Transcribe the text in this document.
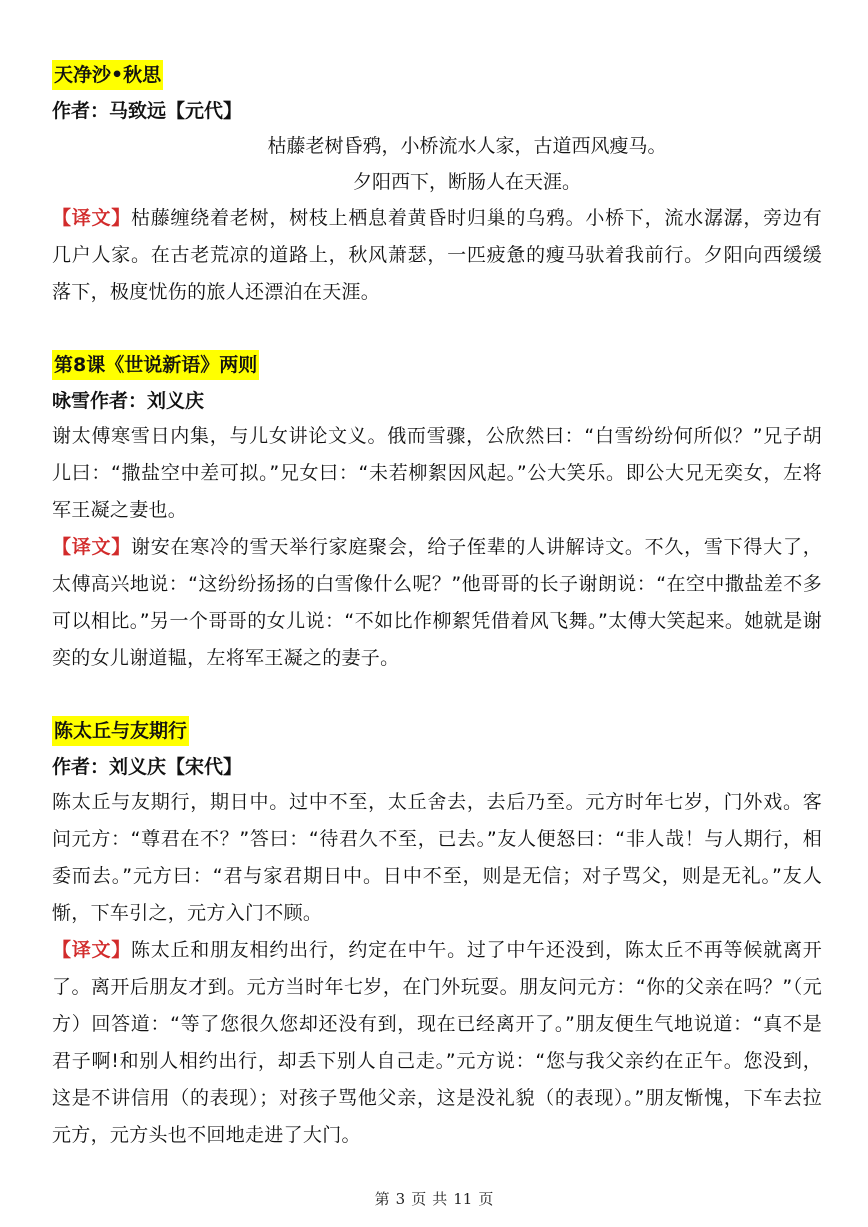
天净沙•秋思
作者：马致远【元代】
枯藤老树昏鸦，小桥流水人家，古道西风瘦马。
夕阳西下，断肠人在天涯。
【译文】枯藤缠绕着老树，树枝上栖息着黄昏时归巢的乌鸦。小桥下，流水潺潺，旁边有几户人家。在古老荒凉的道路上，秋风萧瑟，一匹疲惫的瘦马驮着我前行。夕阳向西缓缓落下，极度忧伤的旅人还漂泊在天涯。
第8课《世说新语》两则
咏雪作者：刘义庆
谢太傅寒雪日内集，与儿女讲论文义。俄而雪骤，公欣然曰：“白雪纷纷何所似？”兄子胡儿曰：“撒盐空中差可拟。”兄女曰：“未若柳絮因风起。”公大笑乐。即公大兄无奕女，左将军王凝之妻也。
【译文】谢安在寒冷的雪天举行家庭聚会，给子侄辈的人讲解诗文。不久，雪下得大了，太傅高兴地说：“这纷纷扬扬的白雪像什么呢？”他哥哥的长子谢朗说：“在空中撒盐差不多可以相比。”另一个哥哥的女儿说：“不如比作柳絮凭借着风飞舞。”太傅大笑起来。她就是谢奕的女儿谢道韫，左将军王凝之的妻子。
陈太丘与友期行
作者：刘义庆【宋代】
陈太丘与友期行，期日中。过中不至，太丘舍去，去后乃至。元方时年七岁，门外戏。客问元方：“尊君在不？”答曰：“待君久不至，已去。”友人便怒曰：“非人哉！与人期行，相委而去。”元方曰：“君与家君期日中。日中不至，则是无信；对子骂父，则是无礼。”友人惭，下车引之，元方入门不顾。
【译文】陈太丘和朋友相约出行，约定在中午。过了中午还没到，陈太丘不再等候就离开了。离开后朋友才到。元方当时年七岁，在门外玩耍。朋友问元方：“你的父亲在吗？”（元方）回答道：“等了您很久您却还没有到，现在已经离开了。”朋友便生气地说道：“真不是君子啊!和别人相约出行，却丢下别人自己走。”元方说：“您与我父亲约在正午。您没到，这是不讲信用（的表现）；对孩子骂他父亲，这是没礼貌（的表现）。”朋友惭愧，下车去拉元方，元方头也不回地走进了大门。
第 3 页 共 11 页
